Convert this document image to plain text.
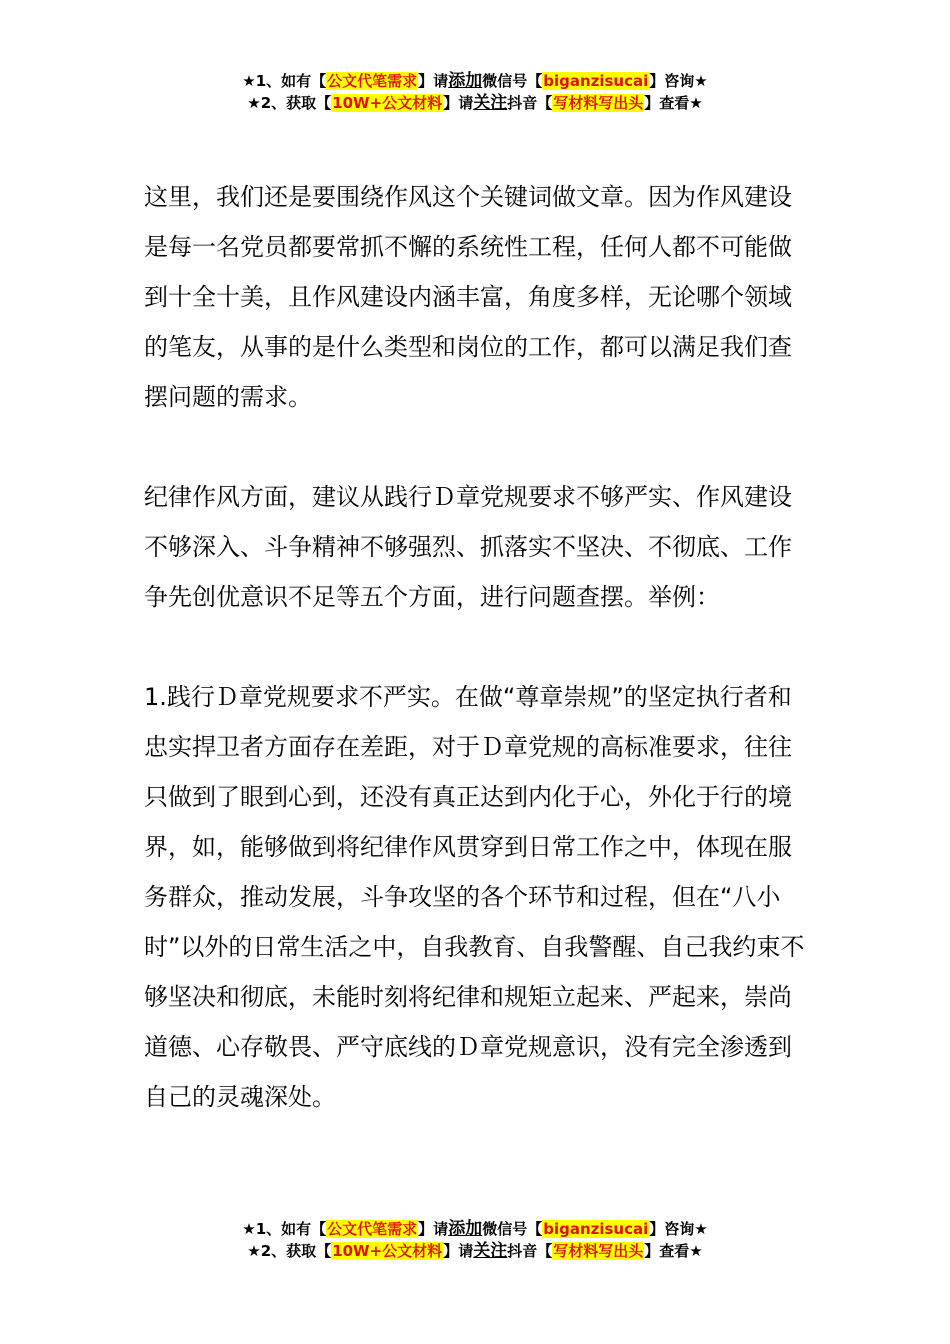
★1、如有【公文代笔需求】请添加微信号【biganzisucai】咨询★
★2、获取【10W+公文材料】请关注抖音【写材料写出头】查看★

这里，我们还是要围绕作风这个关键词做文章。因为作风建设是每一名党员都要常抓不懈的系统性工程，任何人都不可能做到十全十美，且作风建设内涵丰富，角度多样，无论哪个领域的笔友，从事的是什么类型和岗位的工作，都可以满足我们查摆问题的需求。

纪律作风方面，建议从践行Ｄ章党规要求不够严实、作风建设不够深入、斗争精神不够强烈、抓落实不坚决、不彻底、工作争先创优意识不足等五个方面，进行问题查摆。举例：

1.践行Ｄ章党规要求不严实。在做“尊章崇规”的坚定执行者和忠实捍卫者方面存在差距，对于Ｄ章党规的高标准要求，往往只做到了眼到心到，还没有真正达到内化于心，外化于行的境界，如，能够做到将纪律作风贯穿到日常工作之中，体现在服务群众，推动发展，斗争攻坚的各个环节和过程，但在“八小时”以外的日常生活之中，自我教育、自我警醒、自己我约束不够坚决和彻底，未能时刻将纪律和规矩立起来、严起来，崇尚道德、心存敬畏、严守底线的Ｄ章党规意识，没有完全渗透到自己的灵魂深处。

★1、如有【公文代笔需求】请添加微信号【biganzisucai】咨询★
★2、获取【10W+公文材料】请关注抖音【写材料写出头】查看★
